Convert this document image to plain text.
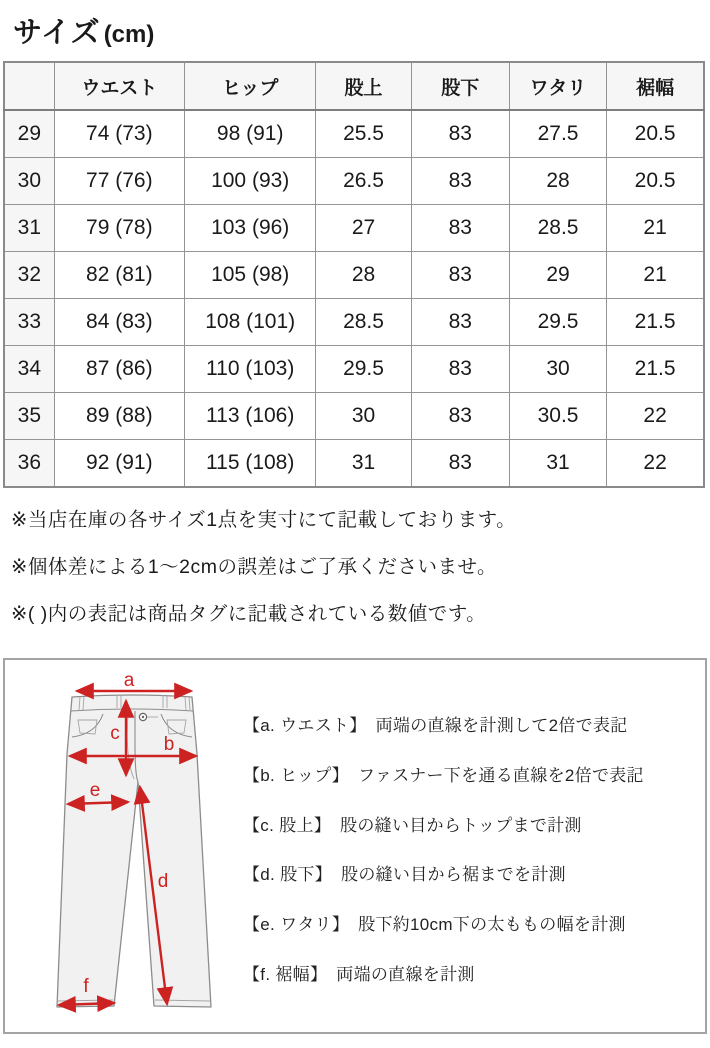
サイズ (cm)
	ウエスト	ヒップ	股上	股下	ワタリ	裾幅
29	74 (73)	98 (91)	25.5	83	27.5	20.5
30	77 (76)	100 (93)	26.5	83	28	20.5
31	79 (78)	103 (96)	27	83	28.5	21
32	82 (81)	105 (98)	28	83	29	21
33	84 (83)	108 (101)	28.5	83	29.5	21.5
34	87 (86)	110 (103)	29.5	83	30	21.5
35	89 (88)	113 (106)	30	83	30.5	22
36	92 (91)	115 (108)	31	83	31	22

※当店在庫の各サイズ1点を実寸にて記載しております。

※個体差による1〜2cmの誤差はご了承くださいませ。

※( )内の表記は商品タグに記載されている数値です。

a
c
b
e
d
f
【a. ウエスト】 両端の直線を計測して2倍で表記
【b. ヒップ】 ファスナー下を通る直線を2倍で表記
【c. 股上】 股の縫い目からトップまで計測
【d. 股下】 股の縫い目から裾までを計測
【e. ワタリ】 股下約10cm下の太ももの幅を計測
【f. 裾幅】 両端の直線を計測
